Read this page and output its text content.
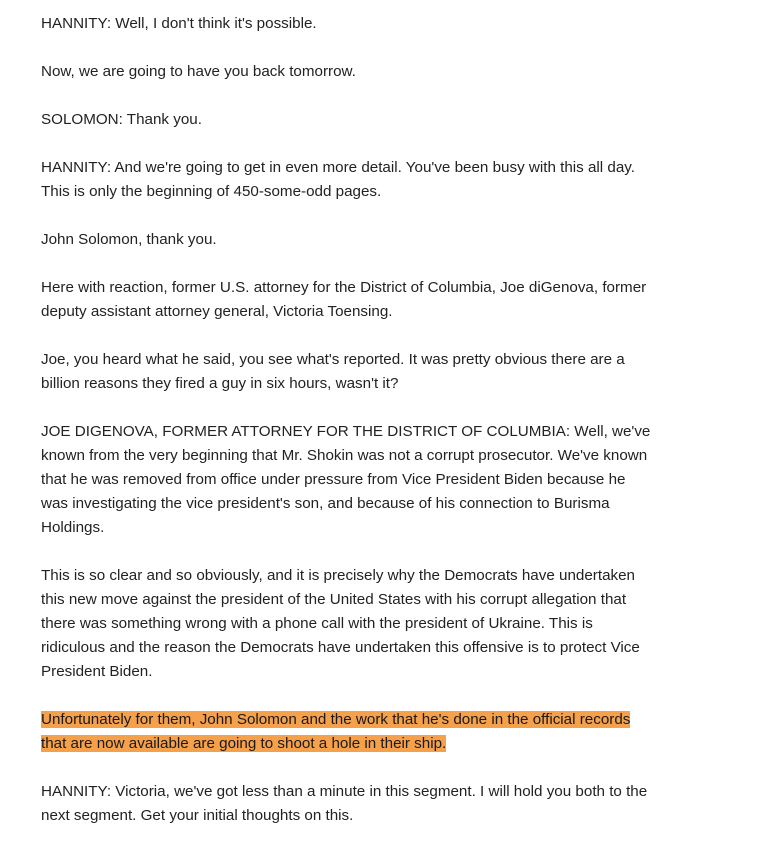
HANNITY: Well, I don't think it's possible.

Now, we are going to have you back tomorrow.

SOLOMON: Thank you.

HANNITY: And we're going to get in even more detail. You've been busy with this all day.
This is only the beginning of 450-some-odd pages.

John Solomon, thank you.

Here with reaction, former U.S. attorney for the District of Columbia, Joe diGenova, former
deputy assistant attorney general, Victoria Toensing.

Joe, you heard what he said, you see what's reported. It was pretty obvious there are a
billion reasons they fired a guy in six hours, wasn't it?

JOE DIGENOVA, FORMER ATTORNEY FOR THE DISTRICT OF COLUMBIA: Well, we've
known from the very beginning that Mr. Shokin was not a corrupt prosecutor. We've known
that he was removed from office under pressure from Vice President Biden because he
was investigating the vice president's son, and because of his connection to Burisma
Holdings.

This is so clear and so obviously, and it is precisely why the Democrats have undertaken
this new move against the president of the United States with his corrupt allegation that
there was something wrong with a phone call with the president of Ukraine. This is
ridiculous and the reason the Democrats have undertaken this offensive is to protect Vice
President Biden.

Unfortunately for them, John Solomon and the work that he's done in the official records
that are now available are going to shoot a hole in their ship.

HANNITY: Victoria, we've got less than a minute in this segment. I will hold you both to the
next segment. Get your initial thoughts on this.
